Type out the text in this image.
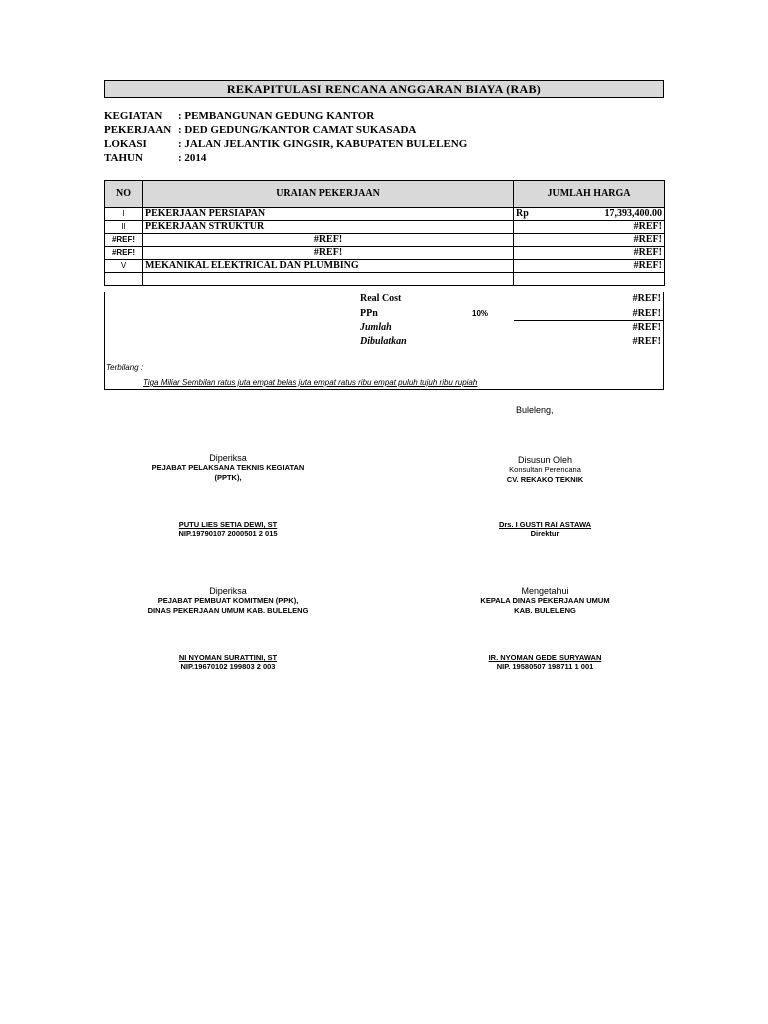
REKAPITULASI RENCANA ANGGARAN BIAYA (RAB)
KEGIATAN : PEMBANGUNAN GEDUNG KANTOR
PEKERJAAN : DED GEDUNG/KANTOR CAMAT SUKASADA
LOKASI	: JALAN JELANTIK GINGSIR, KABUPATEN BULELENG
TAHUN	: 2014
NO	URAIAN PEKERJAAN	JUMLAH HARGA
I	PEKERJAAN PERSIAPAN	Rp 17,393,400.00

II	PEKERJAAN STRUKTUR	#REF!
#REF!	#REF!	#REF!
#REF!	#REF!	#REF!
V	MEKANIKAL ELEKTRICAL DAN PLUMBING	#REF!

Real Cost	#REF!
PPn	10%	#REF!
Jumlah	#REF!
Dibulatkan	#REF!
Terbilang :
Tiga Miliar Sembilan ratus juta empat belas juta empat ratus ribu empat puluh tujuh ribu rupiah
Buleleng,
Diperiksa
PEJABAT PELAKSANA TEKNIS KEGIATAN
(PPTK),
PUTU LIES SETIA DEWI, ST
NIP.19790107 2000501 2 015
Disusun Oleh
Konsultan Perencana
CV. REKAKO TEKNIK
Drs. I GUSTI RAI ASTAWA
Direktur
Diperiksa
PEJABAT PEMBUAT KOMITMEN (PPK),
DINAS PEKERJAAN UMUM KAB. BULELENG
NI NYOMAN SURATTINI, ST
NIP.19670102 199803 2 003
Mengetahui
KEPALA DINAS PEKERJAAN UMUM
KAB. BULELENG
IR. NYOMAN GEDE SURYAWAN
NIP. 19580507 198711 1 001
